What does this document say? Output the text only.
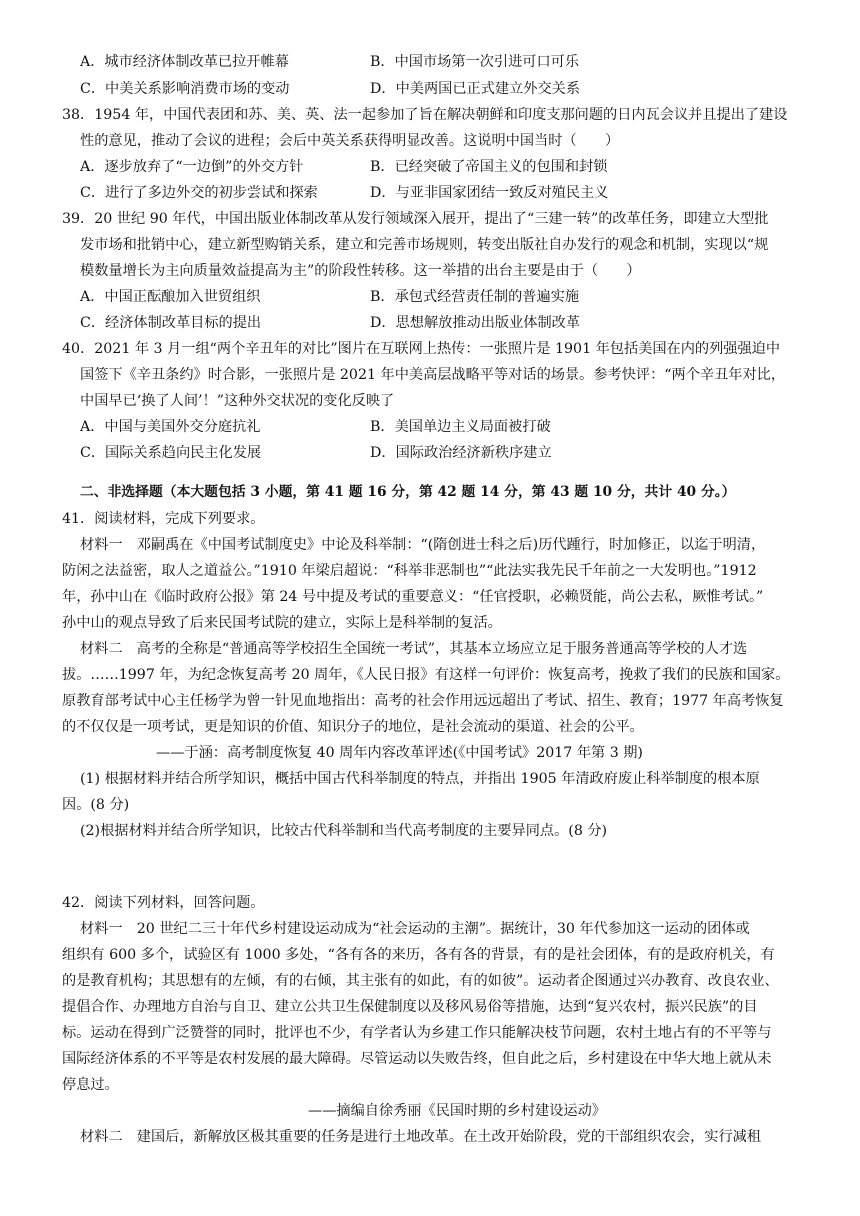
A．城市经济体制改革已拉开帷幕	B．中国市场第一次引进可口可乐
C．中美关系影响消费市场的变动	D．中美两国已正式建立外交关系
38．1954 年，中国代表团和苏、美、英、法一起参加了旨在解决朝鲜和印度支那问题的日内瓦会议并且提出了建设
性的意见，推动了会议的进程；会后中英关系获得明显改善。这说明中国当时（　　）
A．逐步放弃了“一边倒”的外交方针	B．已经突破了帝国主义的包围和封锁
C．进行了多边外交的初步尝试和探索	D．与亚非国家团结一致反对殖民主义
39．20 世纪 90 年代，中国出版业体制改革从发行领域深入展开，提出了“三建一转”的改革任务，即建立大型批
发市场和批销中心，建立新型购销关系，建立和完善市场规则，转变出版社自办发行的观念和机制，实现以“规
模数量增长为主向质量效益提高为主”的阶段性转移。这一举措的出台主要是由于（　　）
A．中国正酝酿加入世贸组织	B．承包式经营责任制的普遍实施
C．经济体制改革目标的提出	D．思想解放推动出版业体制改革
40．2021 年 3 月一组“两个辛丑年的对比”图片在互联网上热传：一张照片是 1901 年包括美国在内的列强强迫中
国签下《辛丑条约》时合影，一张照片是 2021 年中美高层战略平等对话的场景。参考快评：“两个辛丑年对比，
中国早已‘换了人间’！”这种外交状况的变化反映了
A．中国与美国外交分庭抗礼	B．美国单边主义局面被打破
C．国际关系趋向民主化发展	D．国际政治经济新秩序建立
二、非选择题（本大题包括 3 小题，第 41 题 16 分，第 42 题 14 分，第 43 题 10 分，共计 40 分。）
41．阅读材料，完成下列要求。
材料一　邓嗣禹在《中国考试制度史》中论及科举制：“(隋创进士科之后)历代踵行，时加修正，以迄于明清，
防闲之法益密，取人之道益公。”1910 年梁启超说：“科举非恶制也”“此法实我先民千年前之一大发明也。”1912
年，孙中山在《临时政府公报》第 24 号中提及考试的重要意义：“任官授职，必赖贤能，尚公去私，厥惟考试。”
孙中山的观点导致了后来民国考试院的建立，实际上是科举制的复活。
材料二　高考的全称是“普通高等学校招生全国统一考试”，其基本立场应立足于服务普通高等学校的人才选
拔。……1997 年，为纪念恢复高考 20 周年，《人民日报》有这样一句评价：恢复高考，挽救了我们的民族和国家。
原教育部考试中心主任杨学为曾一针见血地指出：高考的社会作用远远超出了考试、招生、教育；1977 年高考恢复
的不仅仅是一项考试，更是知识的价值、知识分子的地位，是社会流动的渠道、社会的公平。
——于涵：高考制度恢复 40 周年内容改革评述(《中国考试》2017 年第 3 期)
(1) 根据材料并结合所学知识，概括中国古代科举制度的特点，并指出 1905 年清政府废止科举制度的根本原
因。(8 分)
(2)根据材料并结合所学知识，比较古代科举制和当代高考制度的主要异同点。(8 分)
42．阅读下列材料，回答问题。
材料一　20 世纪二三十年代乡村建设运动成为“社会运动的主潮”。据统计，30 年代参加这一运动的团体或
组织有 600 多个，试验区有 1000 多处，“各有各的来历，各有各的背景，有的是社会团体，有的是政府机关，有
的是教育机构；其思想有的左倾，有的右倾，其主张有的如此，有的如彼”。运动者企图通过兴办教育、改良农业、
提倡合作、办理地方自治与自卫、建立公共卫生保健制度以及移风易俗等措施，达到“复兴农村，振兴民族”的目
标。运动在得到广泛赞誉的同时，批评也不少，有学者认为乡建工作只能解决枝节问题，农村土地占有的不平等与
国际经济体系的不平等是农村发展的最大障碍。尽管运动以失败告终，但自此之后，乡村建设在中华大地上就从未
停息过。
——摘编自徐秀丽《民国时期的乡村建设运动》
材料二　建国后，新解放区极其重要的任务是进行土地改革。在土改开始阶段，党的干部组织农会，实行减租
